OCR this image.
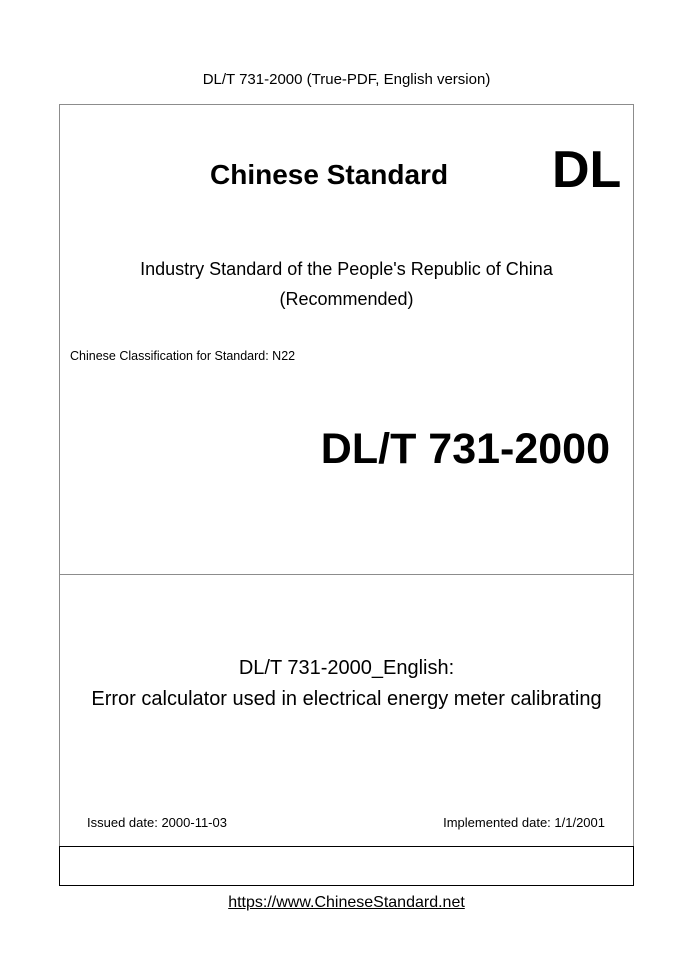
DL/T 731-2000 (True-PDF, English version)
Chinese Standard DL
Industry Standard of the People's Republic of China
(Recommended)
Chinese Classification for Standard: N22
DL/T 731-2000
DL/T 731-2000_English:
Error calculator used in electrical energy meter calibrating
Issued date: 2000-11-03	Implemented date: 1/1/2001
https://www.ChineseStandard.net
